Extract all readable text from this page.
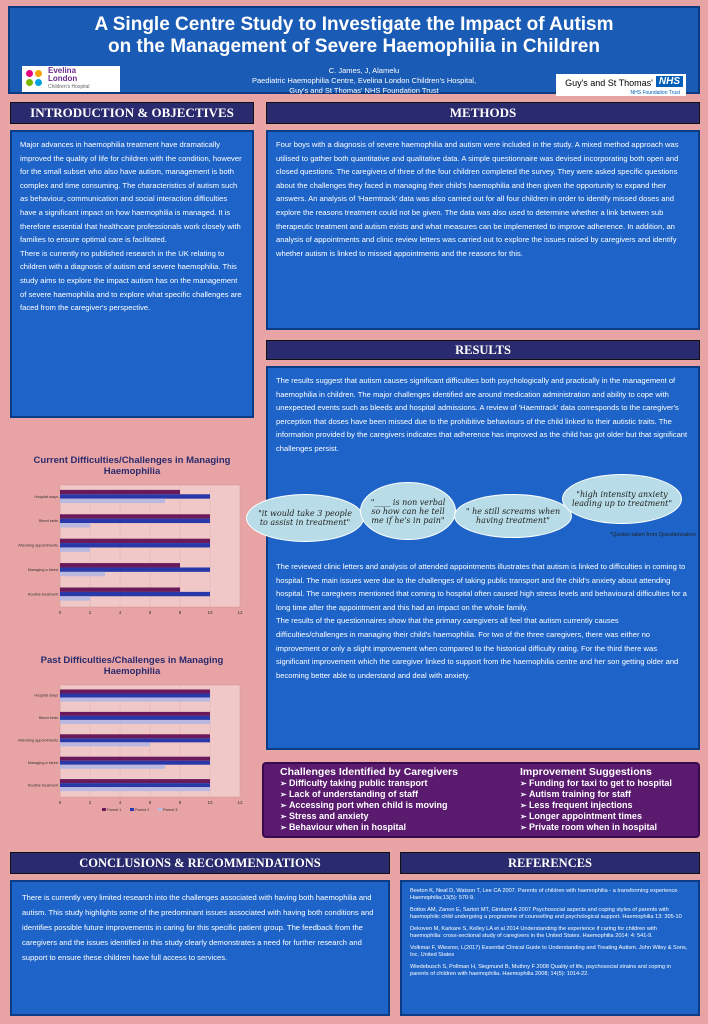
A Single Centre Study to Investigate the Impact of Autism
on the Management of Severe Haemophilia in Children
Evelina
London
Children's Hospital
C. James, J, Alamelu
Paediatric Haemophilia Centre, Evelina London Children's Hospital,
Guy's and St Thomas' NHS Foundation Trust
Guy's and St Thomas' NHS
NHS Foundation Trust
INTRODUCTION & OBJECTIVES

Major advances in haemophilia treatment have dramatically improved the quality of life for children with the condition, however for the small subset who also have autism, management is both complex and time consuming. The characteristics of autism such as behaviour, communication and social interaction difficulties have a significant impact on how haemophilia is managed. It is therefore essential that healthcare professionals work closely with families to ensure optimal care is facilitated.

There is currently no published research in the UK relating to children with a diagnosis of autism and severe haemophilia. This study aims to explore the impact autism has on the management of severe haemophilia and to explore what specific challenges are faced from the caregiver's perspective.

Current Difficulties/Challenges in Managing Haemophilia
0	2	4	6	8	10	12
Hospital stays
Bleed beds
Attending appointments
Managing a bleed
Routine treatment
Past Difficulties/Challenges in Managing Haemophilia
0	2	4	6	8	10	12
Hospital stays
Bleed beds
Attending appointments
Managing a bleed
Routine treatment
Parent 1	Parent 2	Parent 3
METHODS

Four boys with a diagnosis of severe haemophilia and autism were included in the study. A mixed method approach was utilised to gather both quantitative and qualitative data. A simple questionnaire was devised incorporating both open and closed questions. The caregivers of three of the four children completed the survey. They were asked specific questions about the challenges they faced in managing their child's haemophilia and then given the opportunity to expand their answers. An analysis of 'Haemtrack' data was also carried out for all four children in order to identify missed doses and explore the reasons treatment could not be given. The data was also used to determine whether a link between sub therapeutic treatment and autism exists and what measures can be implemented to improve adherence. In addition, an analysis of appointments and clinic review letters was carried out to explore the issues raised by caregivers and identify whether autism is linked to missed appointments and the reasons for this.

RESULTS

The results suggest that autism causes significant difficulties both psychologically and practically in the management of haemophilia in children. The major challenges identified are around medication administration and ability to cope with unexpected events such as bleeds and hospital admissions. A review of 'Haemtrack' data corresponds to the caregiver's perception that doses have been missed due to the prohibitive behaviours of the child linked to their autistic traits. The information provided by the caregivers indicates that adherence has improved as the child has got older but that significant challenges persist.

The reviewed clinic letters and analysis of attended appointments illustrates that autism is linked to difficulties in coming to hospital. The main issues were due to the challenges of taking public transport and the child's anxiety about attending hospital. The caregivers mentioned that coming to hospital often caused high stress levels and behavioural difficulties for a long time after the appointment and this had an impact on the whole family.

The results of the questionnaires show that the primary caregivers all feel that autism currently causes difficulties/challenges in managing their child's haemophilia. For two of the three caregivers, there was either no improvement or only a slight improvement when compared to the historical difficulty rating. For the third there was significant improvement which the caregiver linked to support from the haemophilia centre and her son getting older and becoming better able to understand and deal with anxiety.

"it would take 3 people to assist in treatment"
"____ is non verbal so how can he tell me if he's in pain"
" he still screams when having treatment"
"high intensity anxiety leading up to treatment"
*Quotes taken from Questionnaires
Challenges Identified by Caregivers
➢ Difficulty taking public transport
➢ Lack of understanding of staff
➢ Accessing port when child is moving
➢ Stress and anxiety
➢ Behaviour when in hospital
Improvement Suggestions
➢ Funding for taxi to get to hospital
➢ Autism training for staff
➢ Less frequent injections
➢ Longer appointment times
➢ Private room when in hospital
CONCLUSIONS & RECOMMENDATIONS

There is currently very limited research into the challenges associated with having both haemophilia and autism. This study highlights some of the predominant issues associated with having both conditions and identifies possible future improvements in caring for this specific patient group. The feedback from the caregivers and the issues identified in this study clearly demonstrates a need for further research and support to ensure these children have full access to services.

REFERENCES

Beeton K, Neal D, Watson T, Lee CA 2007. Parents of children with haemophilia - a transforming experience. Haemophilia;13(5): 570-9.

Bottos AM, Zanon E, Sartori MT, Girolami A 2007 Psychosocial aspects and coping styles of parents with haemophilic child undergoing a programme of counselling and psychological support. Haemophilia 13: 305-10

Dekoven M, Karkare S, Kelley LA et al 2014 Understanding the experience if caring for children with haemophilia: cross-sectional study of caregivers in the United States. Haemophilia 2014: 4: 541-9.

Volkmar F, Wiesner, L(2017) Essential Clinical Guide to Understanding and Treating Autism. John Wiley & Sons, Inc. United States

Wiedebusch S, Pollman H, Siegmund B, Muthny F 2008 Quality of life, psychosocial strains and coping in parents of children with haemophilia. Haemophilia 2008; 14(5): 1014-22.
